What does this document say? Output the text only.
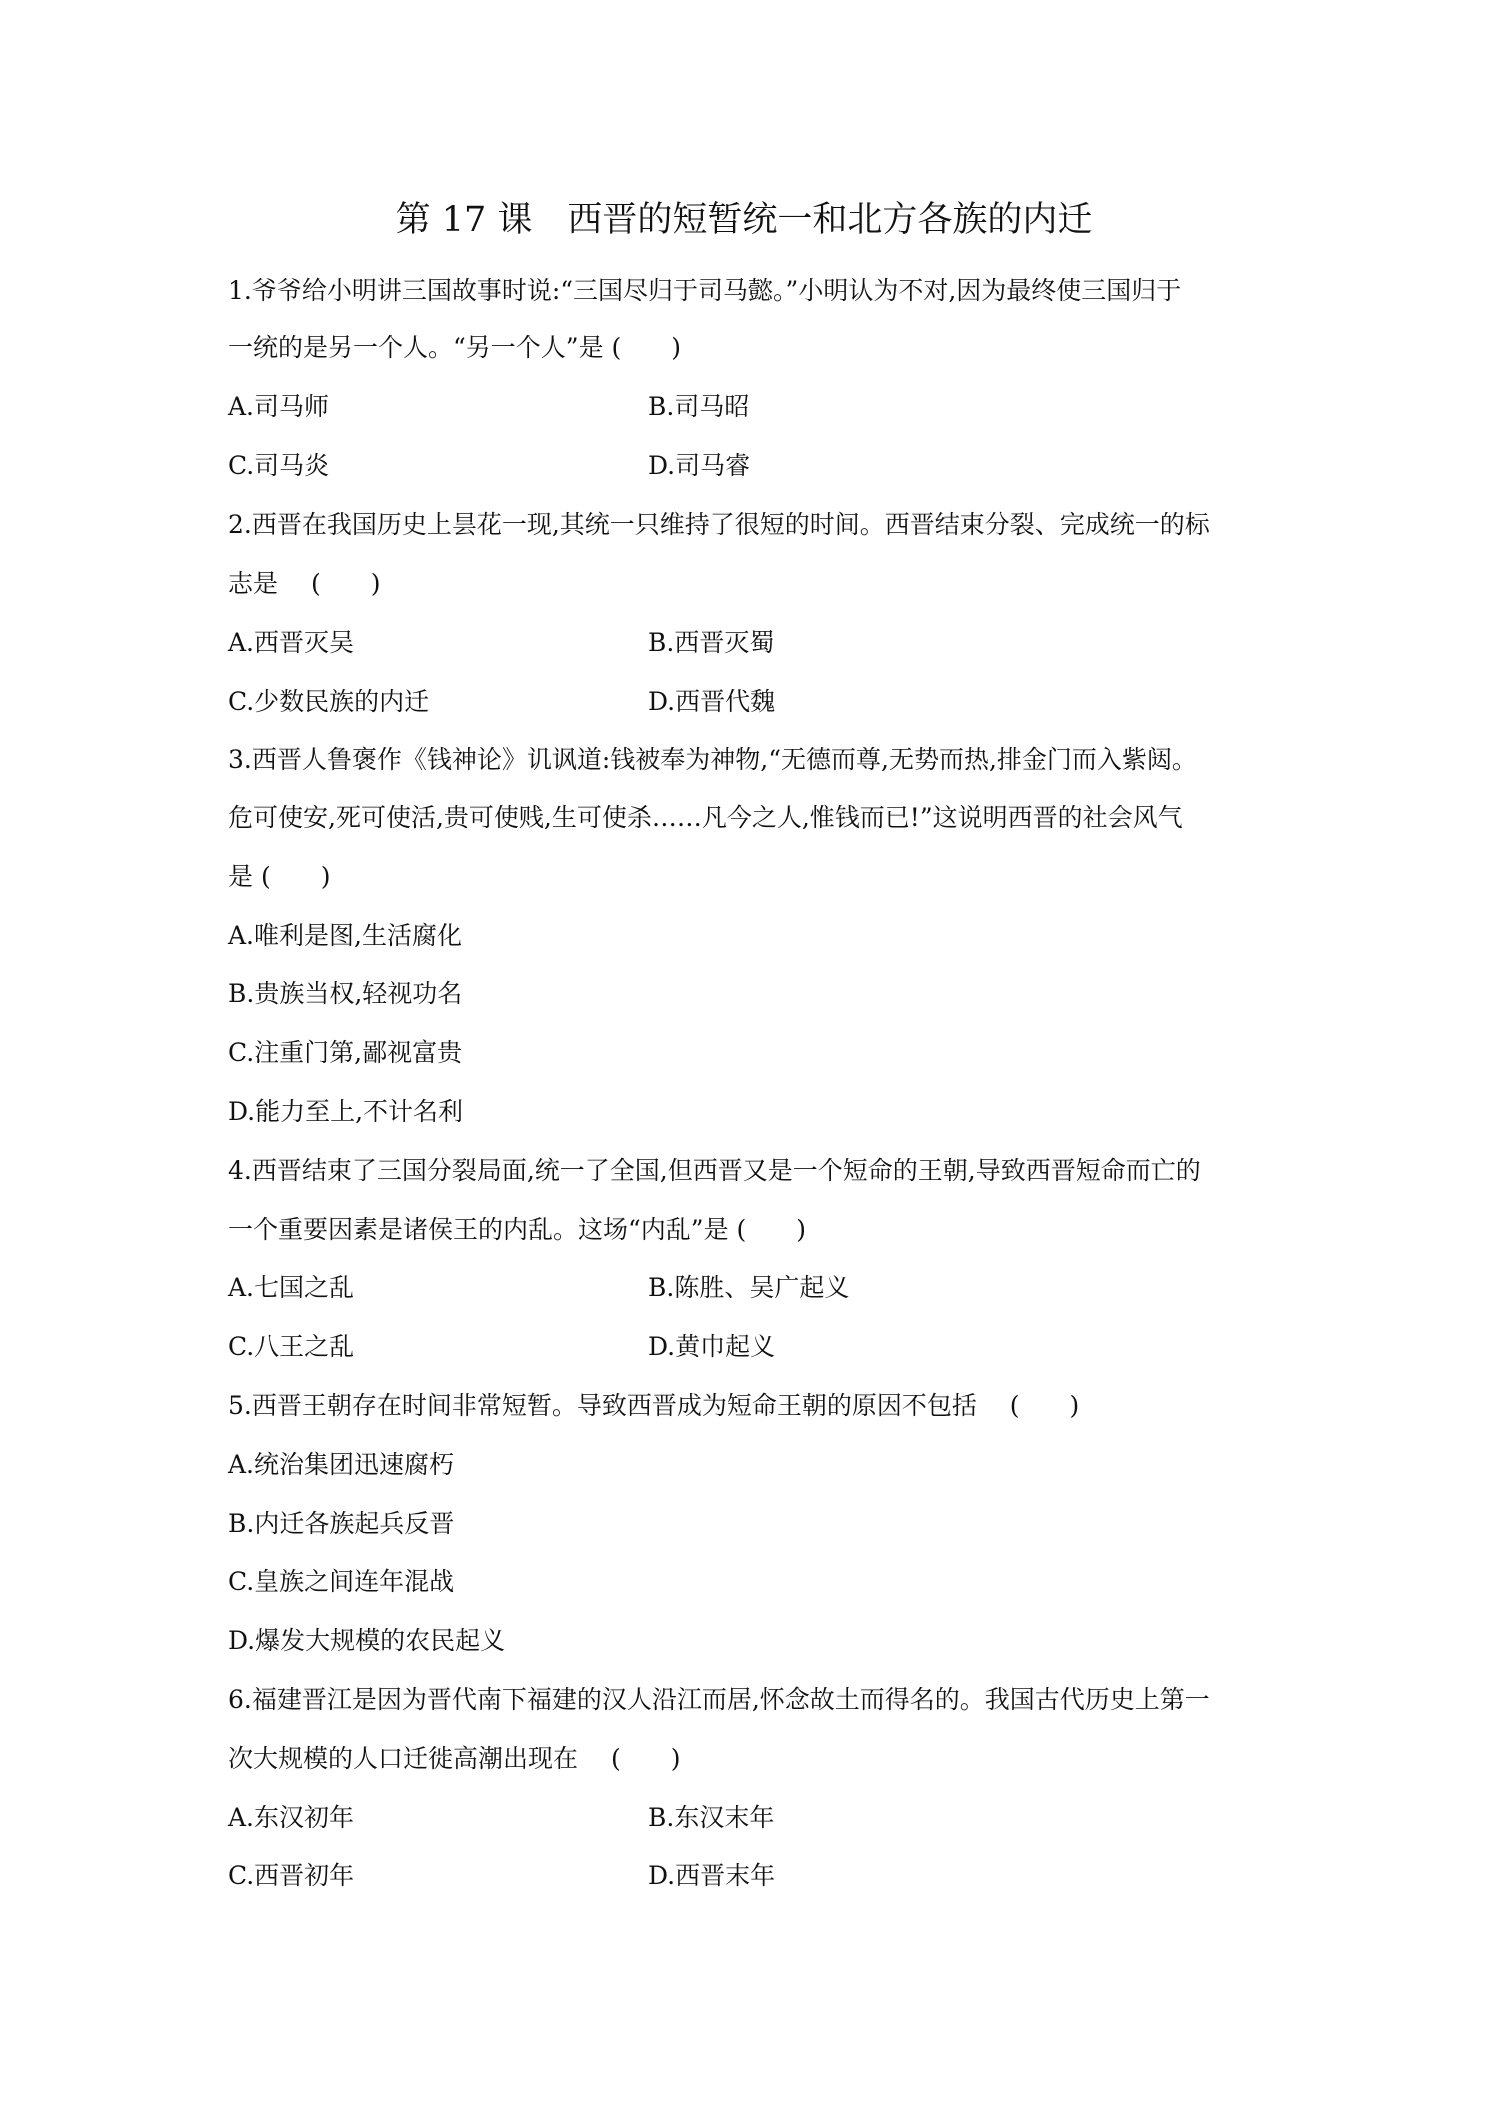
第 17 课　西晋的短暂统一和北方各族的内迁
1.爷爷给小明讲三国故事时说:“三国尽归于司马懿。”小明认为不对,因为最终使三国归于
一统的是另一个人。“另一个人”是 (　　)
A.司马师	B.司马昭
C.司马炎	D.司马睿
2.西晋在我国历史上昙花一现,其统一只维持了很短的时间。西晋结束分裂、完成统一的标
志是　 (　　)
A.西晋灭吴	B.西晋灭蜀
C.少数民族的内迁	D.西晋代魏
3.西晋人鲁褒作《钱神论》讥讽道:钱被奉为神物,“无德而尊,无势而热,排金门而入紫闼。
危可使安,死可使活,贵可使贱,生可使杀……凡今之人,惟钱而已!”这说明西晋的社会风气
是 (　　)
A.唯利是图,生活腐化
B.贵族当权,轻视功名
C.注重门第,鄙视富贵
D.能力至上,不计名利
4.西晋结束了三国分裂局面,统一了全国,但西晋又是一个短命的王朝,导致西晋短命而亡的
一个重要因素是诸侯王的内乱。这场“内乱”是 (　　)
A.七国之乱	B.陈胜、吴广起义
C.八王之乱	D.黄巾起义
5.西晋王朝存在时间非常短暂。导致西晋成为短命王朝的原因不包括　 (　　)
A.统治集团迅速腐朽
B.内迁各族起兵反晋
C.皇族之间连年混战
D.爆发大规模的农民起义
6.福建晋江是因为晋代南下福建的汉人沿江而居,怀念故土而得名的。我国古代历史上第一
次大规模的人口迁徙高潮出现在　 (　　)
A.东汉初年	B.东汉末年
C.西晋初年	D.西晋末年
